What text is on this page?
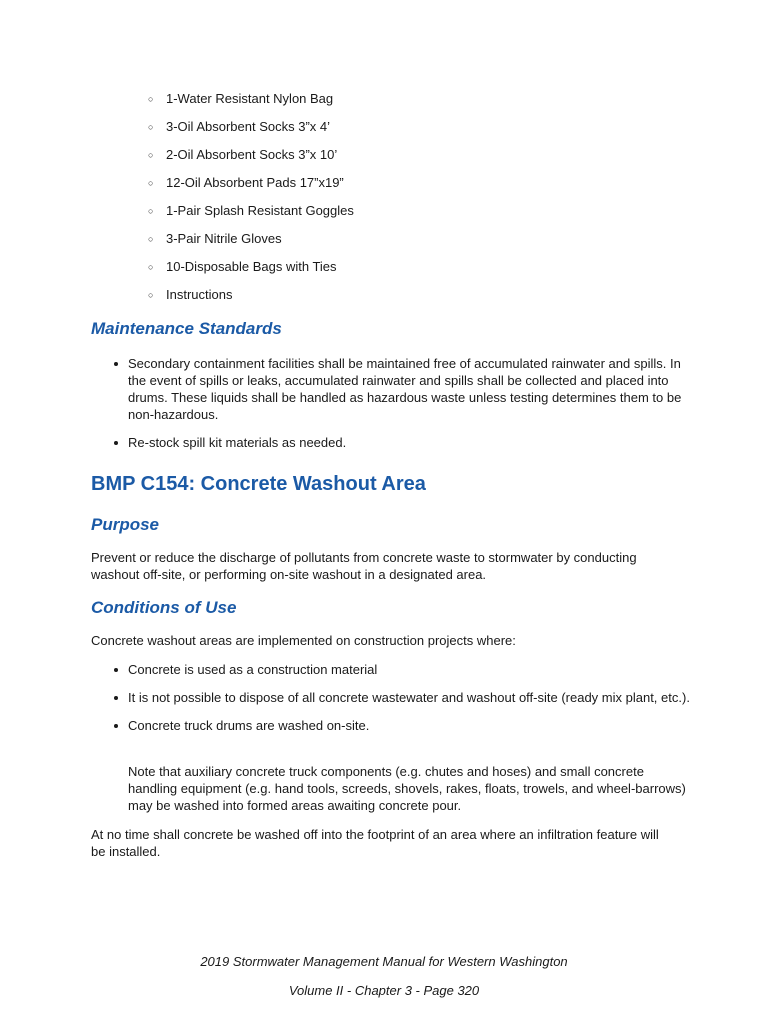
○ 1-Water Resistant Nylon Bag
○ 3-Oil Absorbent Socks 3”x 4’
○ 2-Oil Absorbent Socks 3”x 10’
○ 12-Oil Absorbent Pads 17”x19”
○ 1-Pair Splash Resistant Goggles
○ 3-Pair Nitrile Gloves
○ 10-Disposable Bags with Ties
○ Instructions
Maintenance Standards
Secondary containment facilities shall be maintained free of accumulated rainwater and spills. In the event of spills or leaks, accumulated rainwater and spills shall be collected and placed into drums. These liquids shall be handled as hazardous waste unless testing determines them to be non-hazardous.
Re-stock spill kit materials as needed.
BMP C154: Concrete Washout Area
Purpose

Prevent or reduce the discharge of pollutants from concrete waste to stormwater by conducting washout off-site, or performing on-site washout in a designated area.

Conditions of Use

Concrete washout areas are implemented on construction projects where:

Concrete is used as a construction material
It is not possible to dispose of all concrete wastewater and washout off-site (ready mix plant, etc.).
Concrete truck drums are washed on-site.

Note that auxiliary concrete truck components (e.g. chutes and hoses) and small concrete handling equipment (e.g. hand tools, screeds, shovels, rakes, floats, trowels, and wheel-barrows) may be washed into formed areas awaiting concrete pour.

At no time shall concrete be washed off into the footprint of an area where an infiltration feature will be installed.

2019 Stormwater Management Manual for Western Washington
Volume II - Chapter 3 - Page 320
